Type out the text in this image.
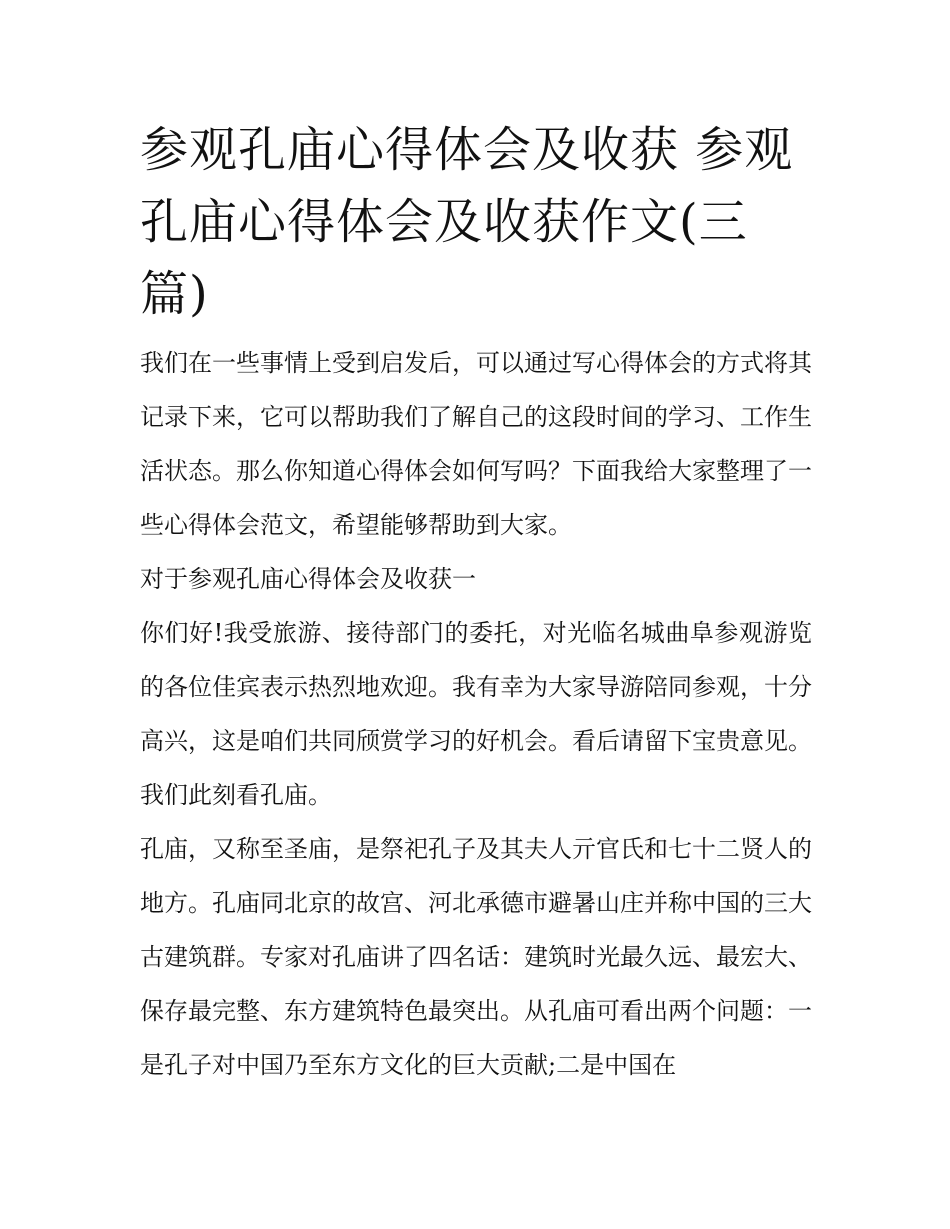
参观孔庙心得体会及收获 参观孔庙心得体会及收获作文(三篇)

我们在一些事情上受到启发后，可以通过写心得体会的方式将其记录下来，它可以帮助我们了解自己的这段时间的学习、工作生活状态。那么你知道心得体会如何写吗？下面我给大家整理了一些心得体会范文，希望能够帮助到大家。

对于参观孔庙心得体会及收获一

你们好!我受旅游、接待部门的委托，对光临名城曲阜参观游览的各位佳宾表示热烈地欢迎。我有幸为大家导游陪同参观，十分高兴，这是咱们共同颀赏学习的好机会。看后请留下宝贵意见。

我们此刻看孔庙。

孔庙，又称至圣庙，是祭祀孔子及其夫人亓官氏和七十二贤人的地方。孔庙同北京的故宫、河北承德市避暑山庄并称中国的三大古建筑群。专家对孔庙讲了四名话：建筑时光最久远、最宏大、保存最完整、东方建筑特色最突出。从孔庙可看出两个问题：一是孔子对中国乃至东方文化的巨大贡献;二是中国在
